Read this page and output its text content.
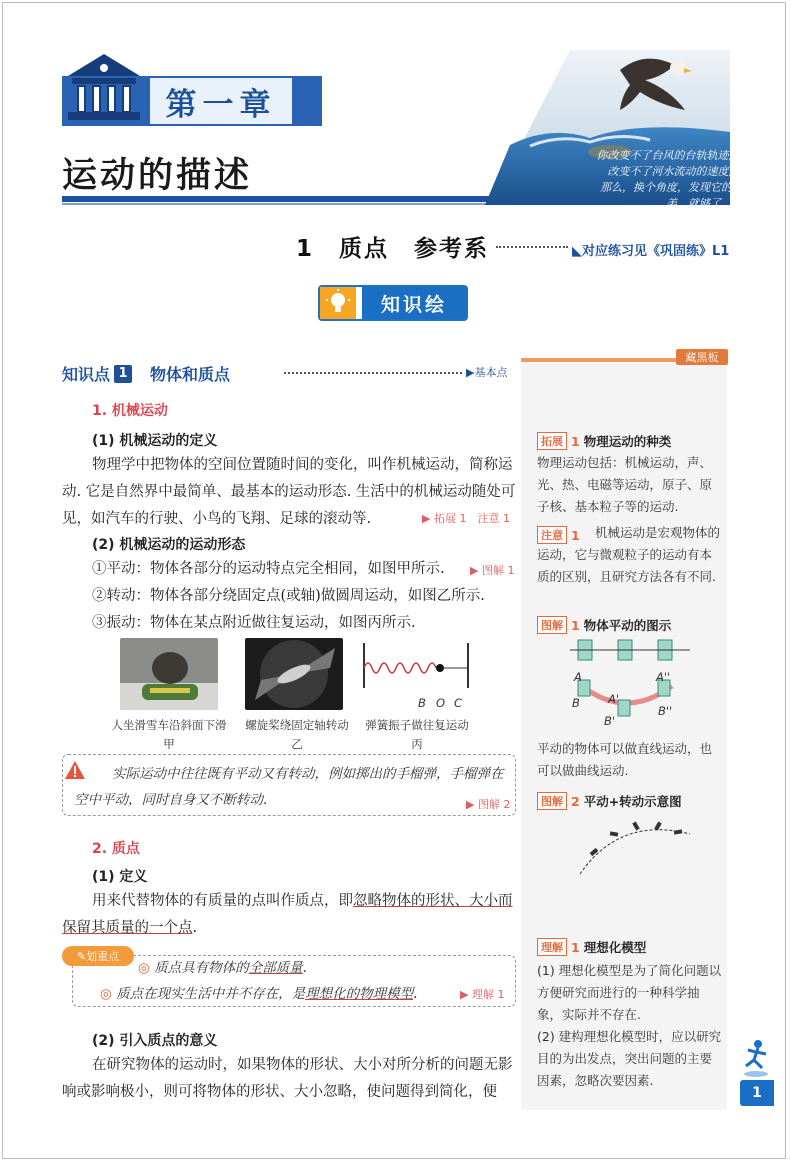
第一章
运动的描述
你改变不了台风的台轨轨迹,
改变不了河水流动的速度,
那么，换个角度，发现它的美，就够了。
1　质点　参考系	◣对应练习见《巩固练》L1
知识绘
藏黑板
知识点 1 物体和质点	▶基本点
1. 机械运动
(1) 机械运动的定义
物理学中把物体的空间位置随时间的变化，叫作机械运动，简称运动. 它是自然界中最简单、最基本的运动形态. 生活中的机械运动随处可见，如汽车的行驶、小鸟的飞翔、足球的滚动等.	▶ 拓展 1　注意 1
(2) 机械运动的运动形态
①平动：物体各部分的运动特点完全相同，如图甲所示. ▶ 图解 1
②转动：物体各部分绕固定点(或轴)做圆周运动，如图乙所示.
③振动：物体在某点附近做往复运动，如图丙所示.
B O C
人坐滑雪车沿斜面下滑
甲
螺旋桨绕固定轴转动
乙
弹簧振子做往复运动
丙
实际运动中往往既有平动又有转动，例如掷出的手榴弹，手榴弹在空中平动，同时自身又不断转动.	▶ 图解 2
2. 质点
(1) 定义
用来代替物体的有质量的点叫作质点，即忽略物体的形状、大小而保留其质量的一个点.
✎ 划重点
◎ 质点具有物体的全部质量.
◎ 质点在现实生活中并不存在，是理想化的物理模型.	▶ 理解 1
(2) 引入质点的意义
在研究物体的运动时，如果物体的形状、大小对所分析的问题无影响或影响极小，则可将物体的形状、大小忽略，使问题得到简化，便
拓展 1 物理运动的种类
物理运动包括：机械运动，声、光、热、电磁等运动，原子、原子核、基本粒子等的运动.
注意 1	机械运动是宏观物体的运动，它与微观粒子的运动有本质的区别，且研究方法各有不同.
图解 1 物体平动的图示
A
A'
A''
B
B'
B''
平动的物体可以做直线运动，也可以做曲线运动.
图解 2 平动+转动示意图
理解 1 理想化模型
(1) 理想化模型是为了简化问题以方便研究而进行的一种科学抽象，实际并不存在.
(2) 建构理想化模型时，应以研究目的为出发点，突出问题的主要因素，忽略次要因素.
1
